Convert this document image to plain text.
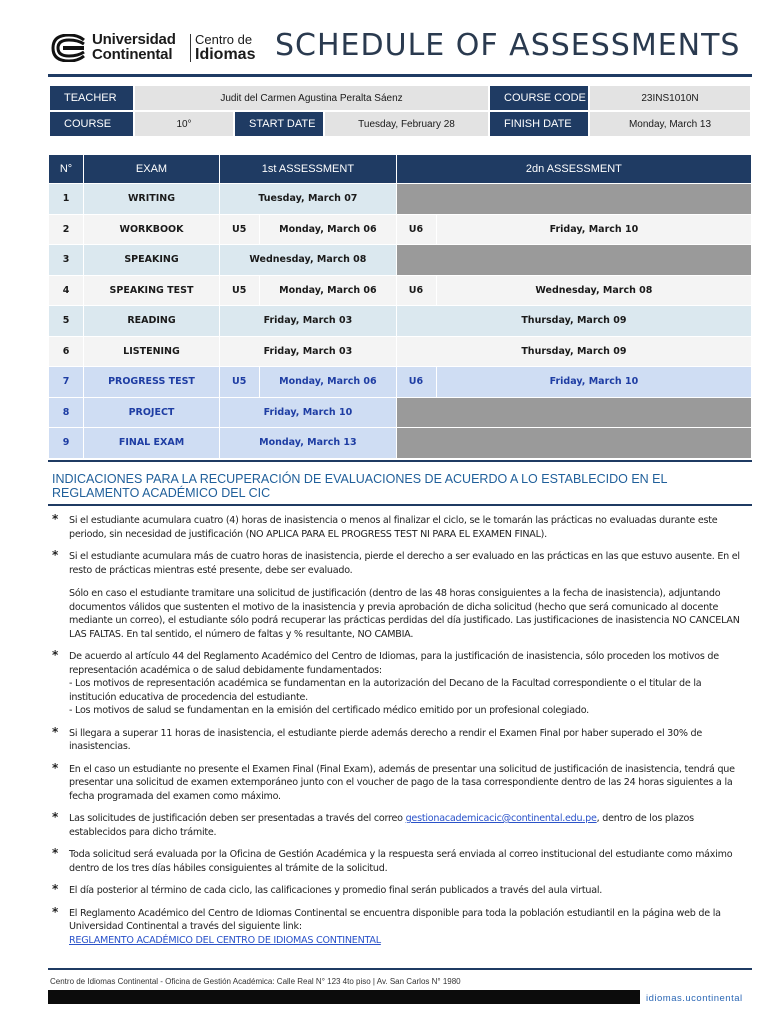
Universidad
Continental
Centro de
Idiomas SCHEDULE OF ASSESSMENTS
TEACHER	Judit del Carmen Agustina Peralta Sáenz			COURSE CODE	23INS1010N
COURSE	10°	START DATE	Tuesday, February 28	FINISH DATE	Monday, March 13
N°	EXAM	1st ASSESSMENT		2dn ASSESSMENT	
1	WRITING	Tuesday, March 07			
2	WORKBOOK	U5	Monday, March 06	U6	Friday, March 10
3	SPEAKING	Wednesday, March 08			
4	SPEAKING TEST	U5	Monday, March 06	U6	Wednesday, March 08
5	READING	Friday, March 03		Thursday, March 09	
6	LISTENING	Friday, March 03		Thursday, March 09	
7	PROGRESS TEST	U5	Monday, March 06	U6	Friday, March 10
8	PROJECT	Friday, March 10			
9	FINAL EXAM	Monday, March 13			
INDICACIONES PARA LA RECUPERACIÓN DE EVALUACIONES DE ACUERDO A LO ESTABLECIDO EN EL REGLAMENTO ACADÉMICO DEL CIC
* Si el estudiante acumulara cuatro (4) horas de inasistencia o menos al finalizar el ciclo, se le tomarán las prácticas no evaluadas durante este periodo, sin necesidad de justificación (NO APLICA PARA EL PROGRESS TEST NI PARA EL EXAMEN FINAL).
* Si el estudiante acumulara más de cuatro horas de inasistencia, pierde el derecho a ser evaluado en las prácticas en las que estuvo ausente. En el resto de prácticas mientras esté presente, debe ser evaluado.

Sólo en caso el estudiante tramitare una solicitud de justificación (dentro de las 48 horas consiguientes a la fecha de inasistencia), adjuntando documentos válidos que sustenten el motivo de la inasistencia y previa aprobación de dicha solicitud (hecho que será comunicado al docente mediante un correo), el estudiante sólo podrá recuperar las prácticas perdidas del día justificado. Las justificaciones de inasistencia NO CANCELAN LAS FALTAS. En tal sentido, el número de faltas y % resultante, NO CAMBIA.

* De acuerdo al artículo 44 del Reglamento Académico del Centro de Idiomas, para la justificación de inasistencia, sólo proceden los motivos de representación académica o de salud debidamente fundamentados:
- Los motivos de representación académica se fundamentan en la autorización del Decano de la Facultad correspondiente o el titular de la institución educativa de procedencia del estudiante.
- Los motivos de salud se fundamentan en la emisión del certificado médico emitido por un profesional colegiado.
* Si llegara a superar 11 horas de inasistencia, el estudiante pierde además derecho a rendir el Examen Final por haber superado el 30% de inasistencias.
* En el caso un estudiante no presente el Examen Final (Final Exam), además de presentar una solicitud de justificación de inasistencia, tendrá que presentar una solicitud de examen extemporáneo junto con el voucher de pago de la tasa correspondiente dentro de las 24 horas siguientes a la fecha programada del examen como máximo.
* Las solicitudes de justificación deben ser presentadas a través del correo gestionacademicacic@continental.edu.pe, dentro de los plazos establecidos para dicho trámite.
* Toda solicitud será evaluada por la Oficina de Gestión Académica y la respuesta será enviada al correo institucional del estudiante como máximo dentro de los tres días hábiles consiguientes al trámite de la solicitud.
* El día posterior al término de cada ciclo, las calificaciones y promedio final serán publicados a través del aula virtual.
* El Reglamento Académico del Centro de Idiomas Continental se encuentra disponible para toda la población estudiantil en la página web de la Universidad Continental a través del siguiente link:
REGLAMENTO ACADÉMICO DEL CENTRO DE IDIOMAS CONTINENTAL
Centro de Idiomas Continental - Oficina de Gestión Académica: Calle Real N° 123 4to piso | Av. San Carlos N° 1980
idiomas.ucontinental
